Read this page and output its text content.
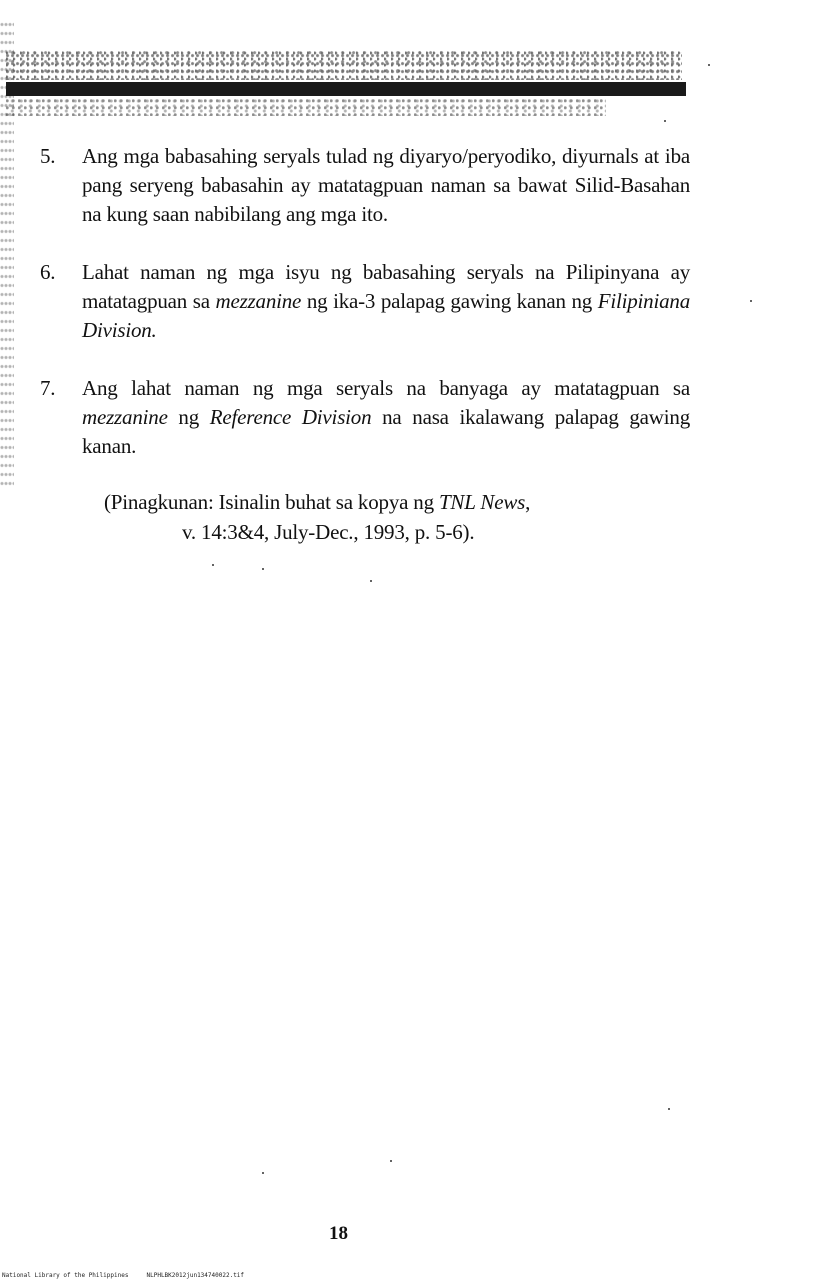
5. Ang mga babasahing seryals tulad ng diyaryo/peryodiko, diyurnals at iba pang seryeng babasahin ay matatagpuan naman sa bawat Silid-Basahan na kung saan nabibilang ang mga ito.
6. Lahat naman ng mga isyu ng babasahing seryals na Pilipinyana ay matatagpuan sa mezzanine ng ika-3 palapag gawing kanan ng Filipiniana Division.
7. Ang lahat naman ng mga seryals na banyaga ay matatagpuan sa mezzanine ng Reference Division na nasa ikalawang palapag gawing kanan.
(Pinagkunan: Isinalin buhat sa kopya ng TNL News,
v. 14:3&4, July-Dec., 1993, p. 5-6).
18
National Library of the Philippines     NLPHLBK2012jun134740022.tif
